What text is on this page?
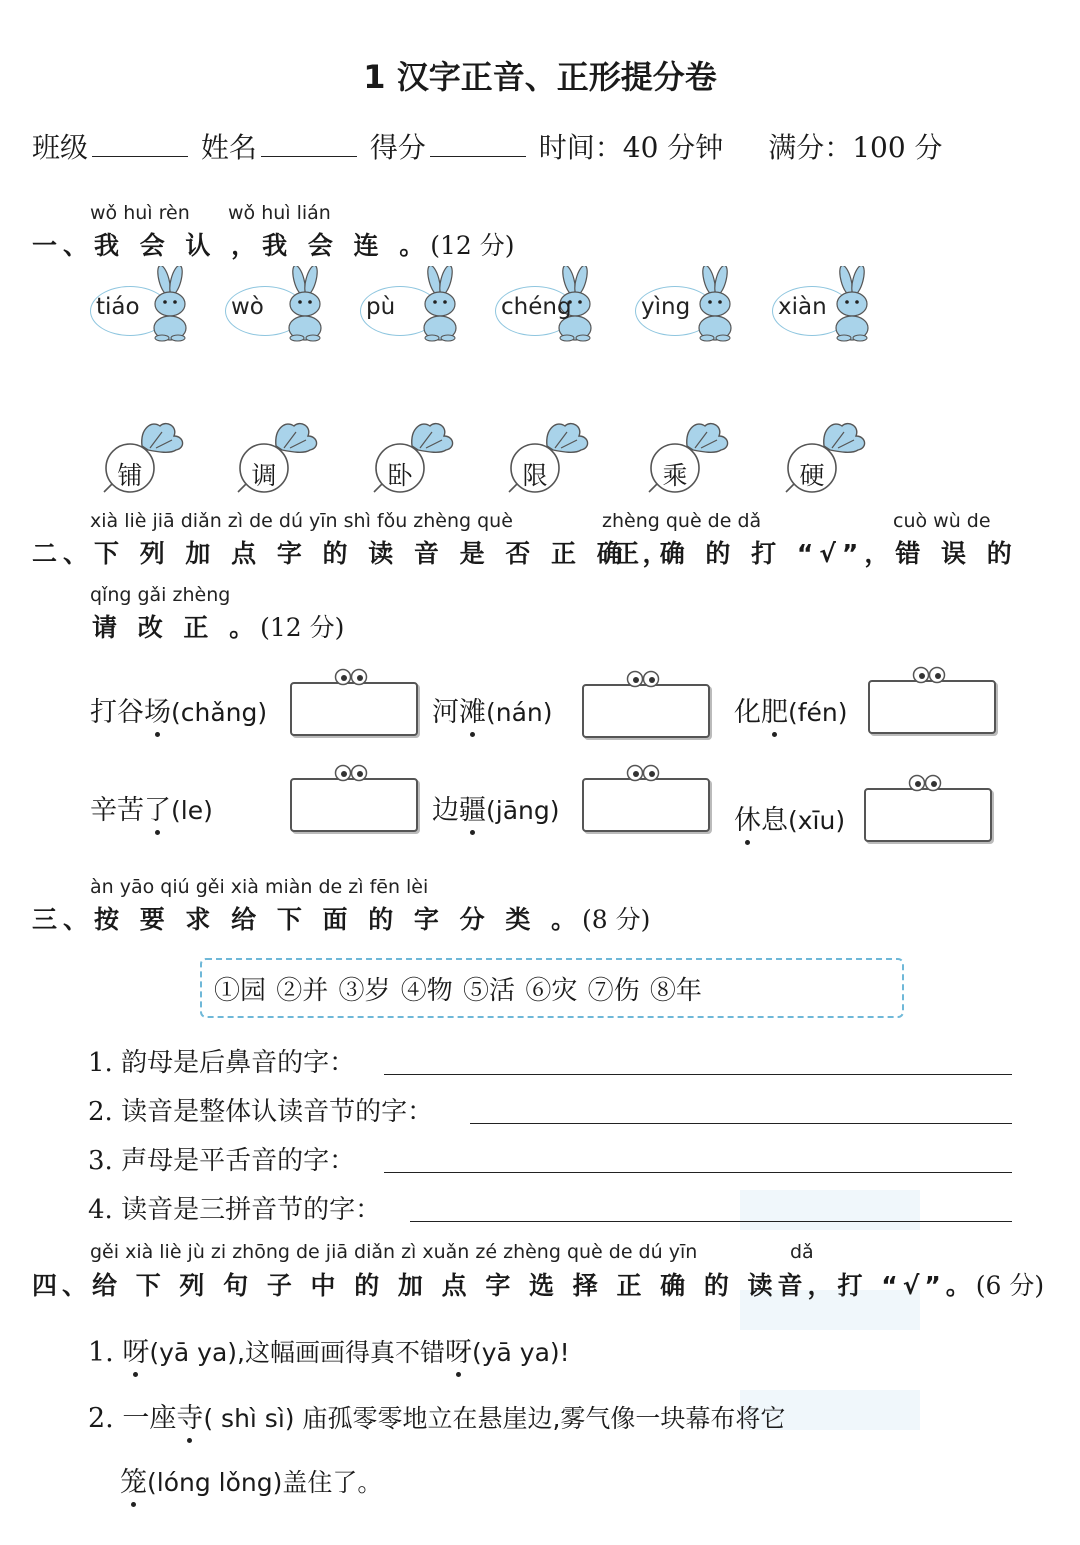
1 汉字正音、正形提分卷
班级	姓名	得分	时间：40 分钟 满分：100 分
wǒ huì rèn wǒ huì lián
一、我 会 认 ，我 会 连 。(12 分)
tiáo	wò	pù	chéng	yìng	xiàn
铺	调	卧	限	乘	硬
xià liè jiā diǎn zì de dú yīn shì fǒu zhèng què	zhèng què de dǎ	cuò wù de
二、下 列 加 点 字 的 读 音 是 否 正 确 ，
正 确 的 打 “√”，错 误 的
qǐng gǎi zhèng
请 改 正 。(12 分)
打谷场(chǎng)	河滩(nán)	化肥(fén)
辛苦了(le)	边疆(jāng)	休息(xīu)
àn yāo qiú gěi xià miàn de zì fēn lèi
三、按 要 求 给 下 面 的 字 分 类 。(8 分)
①园 ②并 ③岁 ④物 ⑤活 ⑥灾 ⑦伤 ⑧年
1. 韵母是后鼻音的字：
2. 读音是整体认读音节的字：
3. 声母是平舌音的字：
4. 读音是三拼音节的字：
gěi xià liè jù zi zhōng de jiā diǎn zì xuǎn zé zhèng què de dú yīn	dǎ
四、给 下 列 句 子 中 的 加 点 字 选 择 正 确 的 读音，打 “√”。(6 分)
1. 呀(yā ya),这幅画画得真不错呀(yā ya)!
2. 一座寺( shì sì) 庙孤零零地立在悬崖边,雾气像一块幕布将它
笼(lóng lǒng)盖住了。
